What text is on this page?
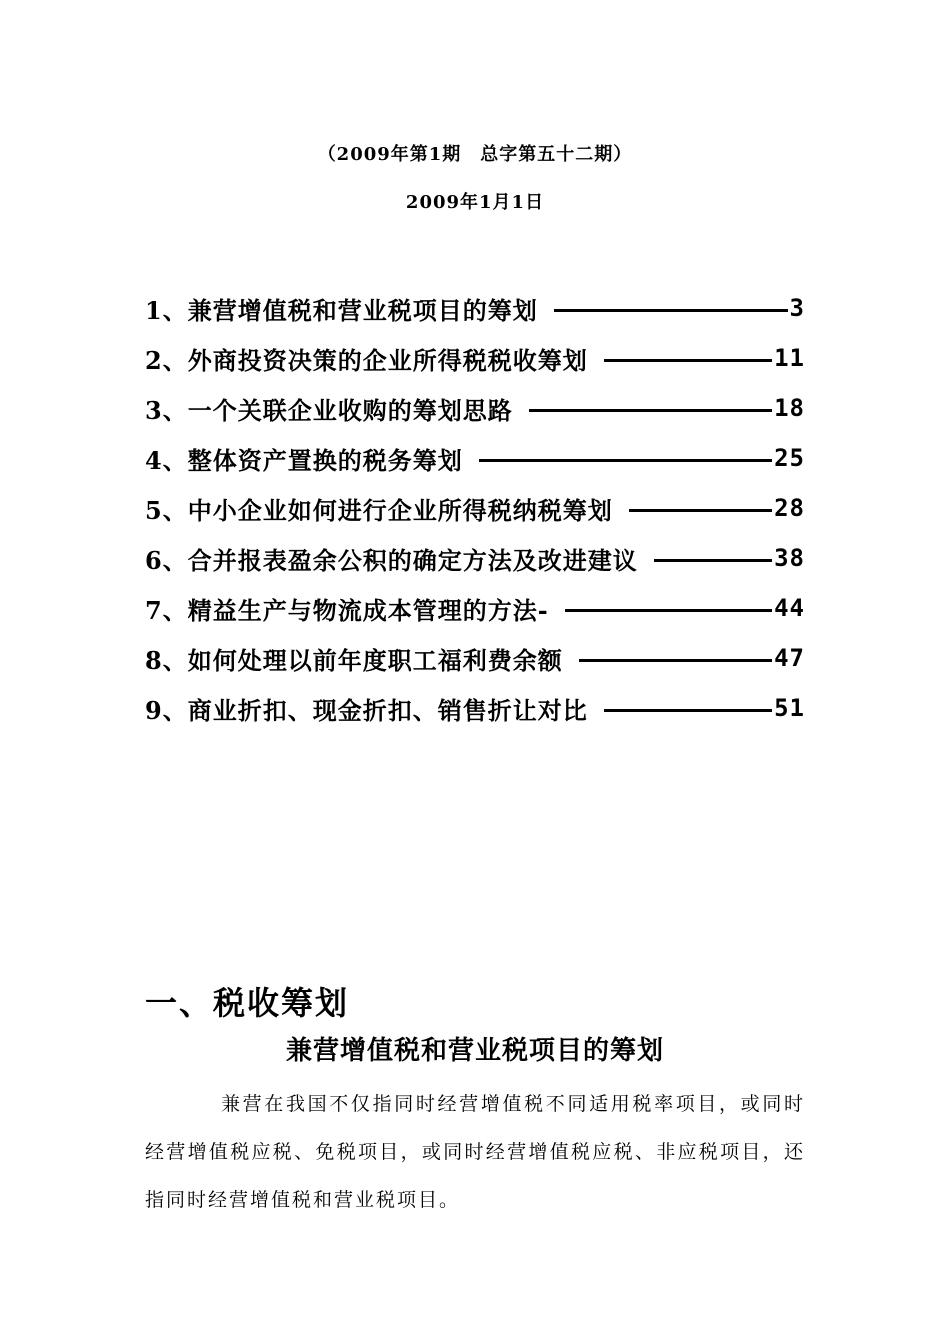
（2009年第1期　总字第五十二期）
2009年1月1日
1、兼营增值税和营业税项目的筹划	3
2、外商投资决策的企业所得税税收筹划	11
3、一个关联企业收购的筹划思路	18
4、整体资产置换的税务筹划	25
5、中小企业如何进行企业所得税纳税筹划	28
6、合并报表盈余公积的确定方法及改进建议	38
7、精益生产与物流成本管理的方法-	44
8、如何处理以前年度职工福利费余额	47
9、商业折扣、现金折扣、销售折让对比	51
一、税收筹划
兼营增值税和营业税项目的筹划

兼营在我国不仅指同时经营增值税不同适用税率项目，或同时经营增值税应税、免税项目，或同时经营增值税应税、非应税项目，还指同时经营增值税和营业税项目。
